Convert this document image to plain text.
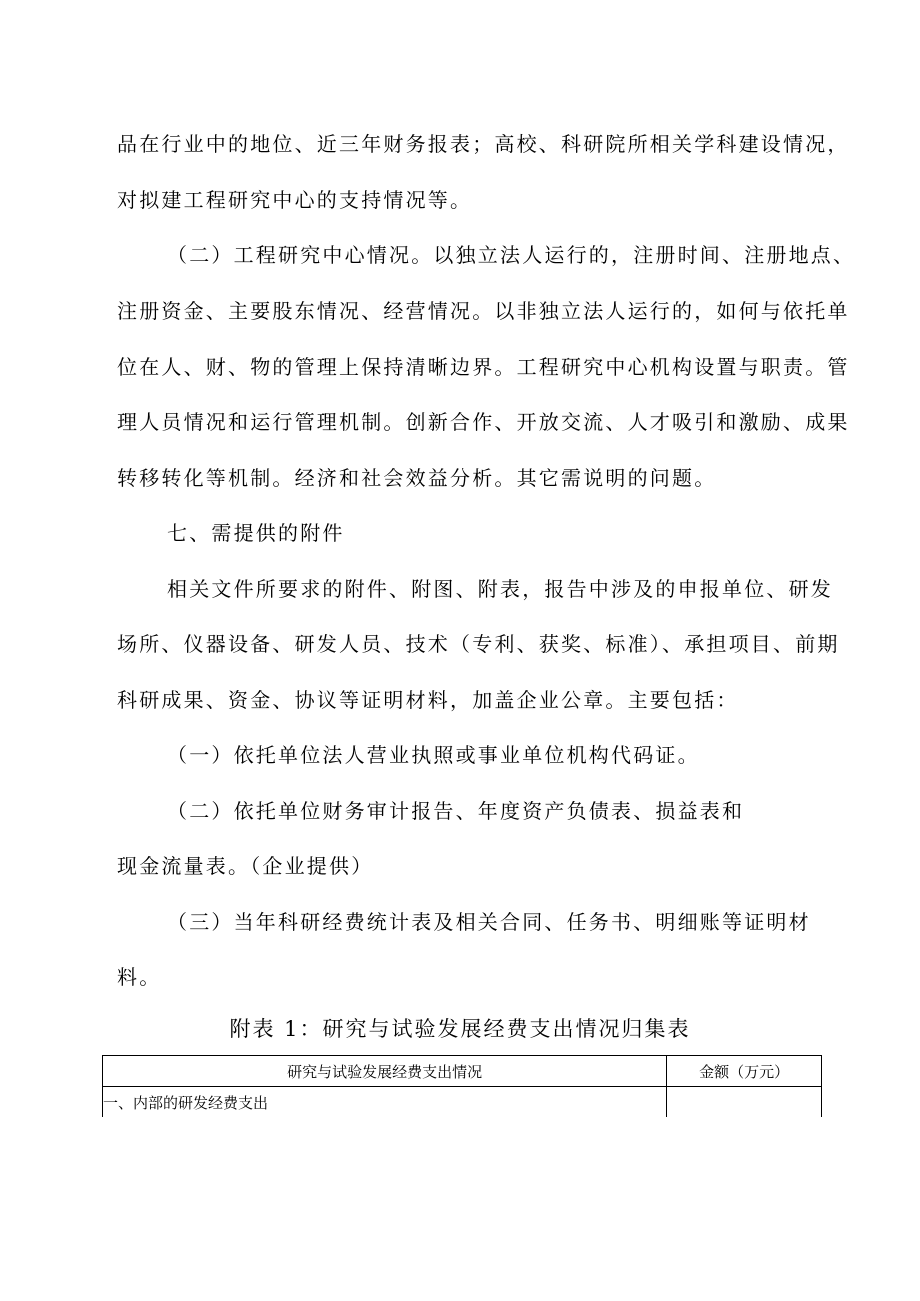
品在行业中的地位、近三年财务报表；高校、科研院所相关学科建设情况，
对拟建工程研究中心的支持情况等。
（二）工程研究中心情况。以独立法人运行的，注册时间、注册地点、
注册资金、主要股东情况、经营情况。以非独立法人运行的，如何与依托单
位在人、财、物的管理上保持清晰边界。工程研究中心机构设置与职责。管
理人员情况和运行管理机制。创新合作、开放交流、人才吸引和激励、成果
转移转化等机制。经济和社会效益分析。其它需说明的问题。
七、需提供的附件
相关文件所要求的附件、附图、附表，报告中涉及的申报单位、研发
场所、仪器设备、研发人员、技术（专利、获奖、标准）、承担项目、前期
科研成果、资金、协议等证明材料，加盖企业公章。主要包括：
（一）依托单位法人营业执照或事业单位机构代码证。
（二）依托单位财务审计报告、年度资产负债表、损益表和
现金流量表。（企业提供）
（三）当年科研经费统计表及相关合同、任务书、明细账等证明材
料。
附表 1：研究与试验发展经费支出情况归集表
研究与试验发展经费支出情况	金额（万元）
一、内部的研发经费支出	
